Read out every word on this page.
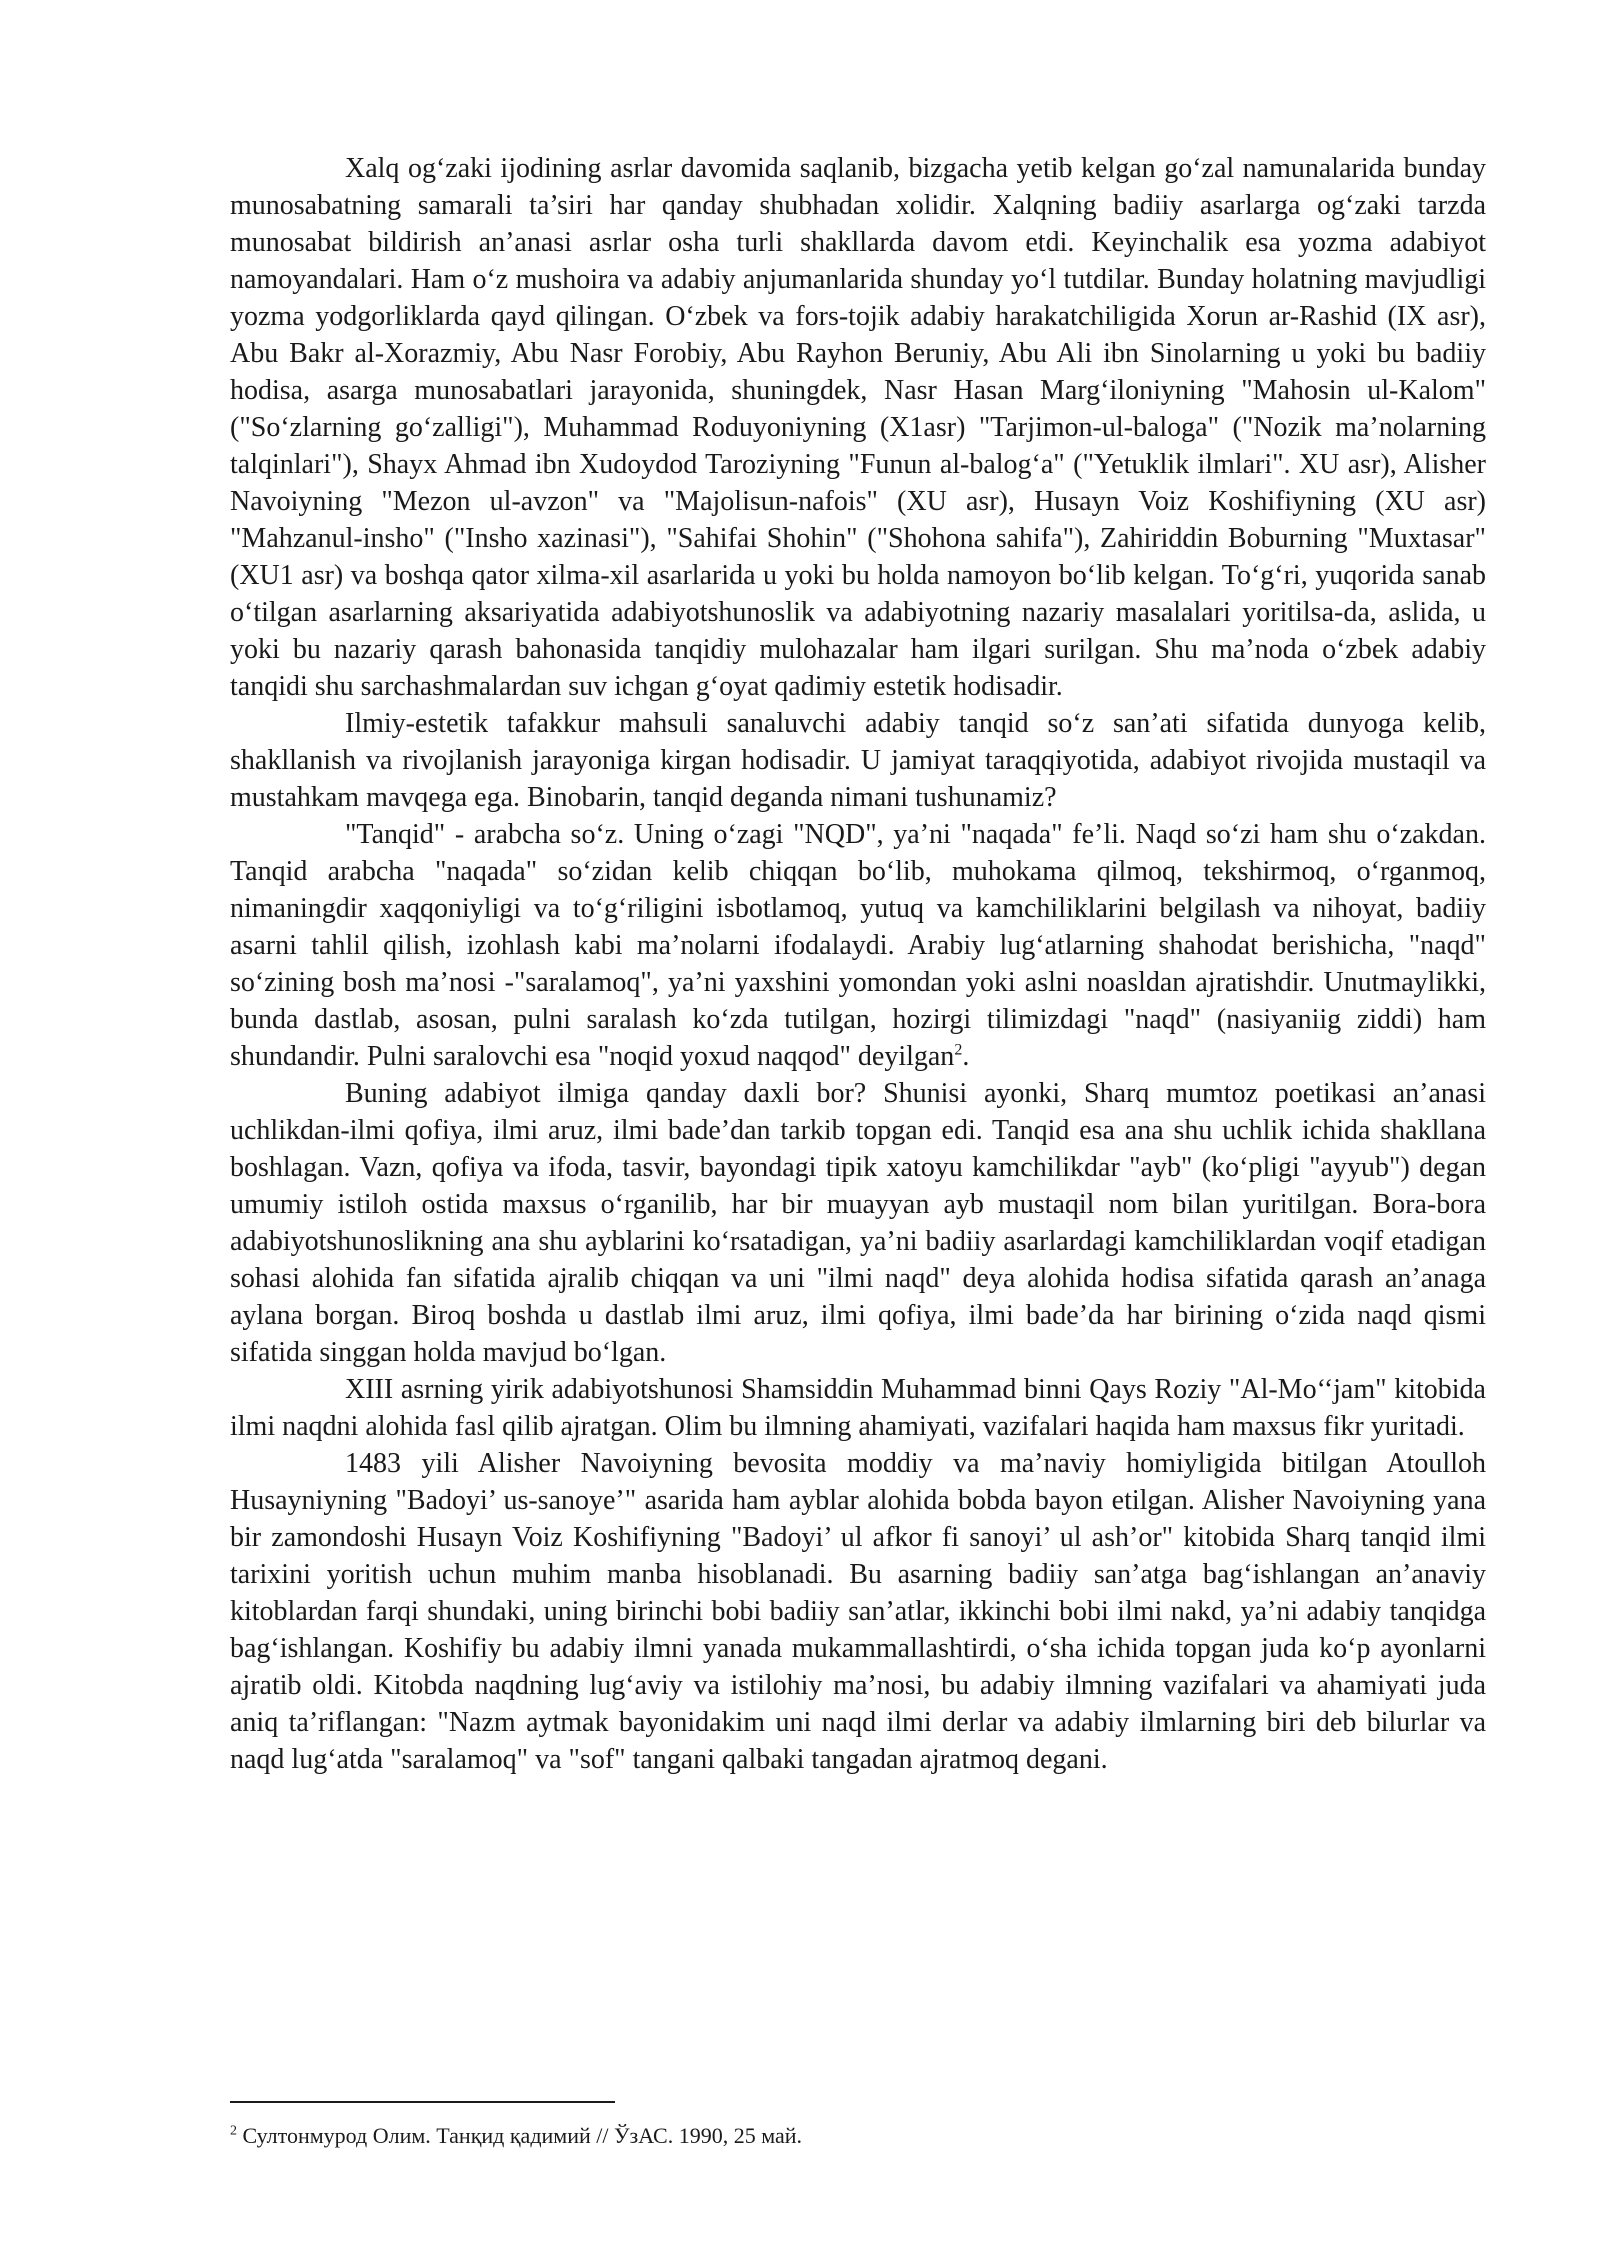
Xalq og‘zaki ijodining asrlar davomida saqlanib, bizgacha yetib kelgan go‘zal namunalarida bunday munosabatning samarali ta’siri har qanday shubhadan xolidir. Xalqning badiiy asarlarga og‘zaki tarzda munosabat bildirish an’anasi asrlar osha turli shakllarda davom etdi. Keyinchalik esa yozma adabiyot namoyandalari. Ham o‘z mushoira va adabiy anjumanlarida shunday yo‘l tutdilar. Bunday holatning mavjudligi yozma yodgorliklarda qayd qilingan. O‘zbek va fors-tojik adabiy harakatchiligida Xorun ar-Rashid (IX asr), Abu Bakr al-Xorazmiy, Abu Nasr Forobiy, Abu Rayhon Beruniy, Abu Ali ibn Sinolarning u yoki bu badiiy hodisa, asarga munosabatlari jarayonida, shuningdek, Nasr Hasan Marg‘iloniyning "Mahosin ul-Kalom" ("So‘zlarning go‘zalligi"), Muhammad Roduyoniyning (X1asr) "Tarjimon-ul-baloga" ("Nozik ma’nolarning talqinlari"), Shayx Ahmad ibn Xudoydod Taroziyning "Funun al-balog‘a" ("Yetuklik ilmlari". XU asr), Alisher Navoiyning "Mezon ul-avzon" va "Majolisun-nafois" (XU asr), Husayn Voiz Koshifiyning (XU asr) "Mahzanul-insho" ("Insho xazinasi"), "Sahifai Shohin" ("Shohona sahifa"), Zahiriddin Boburning "Muxtasar"(XU1 asr) va boshqa qator xilma-xil asarlarida u yoki bu holda namoyon bo‘lib kelgan. To‘g‘ri, yuqorida sanab o‘tilgan asarlarning aksariyatida adabiyotshunoslik va adabiyotning nazariy masalalari yoritilsa-da, aslida, u yoki bu nazariy qarash bahonasida tanqidiy mulohazalar ham ilgari surilgan. Shu ma’noda o‘zbek adabiy tanqidi shu sarchashmalardan suv ichgan g‘oyat qadimiy estetik hodisadir.

Ilmiy-estetik tafakkur mahsuli sanaluvchi adabiy tanqid so‘z san’ati sifatida dunyoga kelib, shakllanish va rivojlanish jarayoniga kirgan hodisadir. U jamiyat taraqqiyotida, adabiyot rivojida mustaqil va mustahkam mavqega ega. Binobarin, tanqid deganda nimani tushunamiz?

"Tanqid" - arabcha so‘z. Uning o‘zagi "NQD", ya’ni "naqada" fe’li. Naqd so‘zi ham shu o‘zakdan. Tanqid arabcha "naqada" so‘zidan kelib chiqqan bo‘lib, muhokama qilmoq, tekshirmoq, o‘rganmoq, nimaningdir xaqqoniyligi va to‘g‘riligini isbotlamoq, yutuq va kamchiliklarini belgilash va nihoyat, badiiy asarni tahlil qilish, izohlash kabi ma’nolarni ifodalaydi. Arabiy lug‘atlarning shahodat berishicha, "naqd" so‘zining bosh ma’nosi -"saralamoq", ya’ni yaxshini yomondan yoki aslni noasldan ajratishdir. Unutmaylikki, bunda dastlab, asosan, pulni saralash ko‘zda tutilgan, hozirgi tilimizdagi "naqd" (nasiyaniig ziddi) ham shundandir. Pulni saralovchi esa "noqid yoxud naqqod" deyilgan$^2$.

Buning adabiyot ilmiga qanday daxli bor? Shunisi ayonki, Sharq mumtoz poetikasi an’anasi uchlikdan-ilmi qofiya, ilmi aruz, ilmi bade’dan tarkib topgan edi. Tanqid esa ana shu uchlik ichida shakllana boshlagan. Vazn, qofiya va ifoda, tasvir, bayondagi tipik xatoyu kamchilikdar "ayb" (ko‘pligi "ayyub") degan umumiy istiloh ostida maxsus o‘rganilib, har bir muayyan ayb mustaqil nom bilan yuritilgan. Bora-bora adabiyotshunoslikning ana shu ayblarini ko‘rsatadigan, ya’ni badiiy asarlardagi kamchiliklardan voqif etadigan sohasi alohida fan sifatida ajralib chiqqan va uni "ilmi naqd" deya alohida hodisa sifatida qarash an’anaga aylana borgan. Biroq boshda u dastlab ilmi aruz, ilmi qofiya, ilmi bade’da har birining o‘zida naqd qismi sifatida singgan holda mavjud bo‘lgan.

XIII asrning yirik adabiyotshunosi Shamsiddin Muhammad binni Qays Roziy "Al-Mo‘‘jam" kitobida ilmi naqdni alohida fasl qilib ajratgan. Olim bu ilmning ahamiyati, vazifalari haqida ham maxsus fikr yuritadi.

1483 yili Alisher Navoiyning bevosita moddiy va ma’naviy homiyligida bitilgan Atoulloh Husayniyning "Badoyi’ us-sanoye’" asarida ham ayblar alohida bobda bayon etilgan. Alisher Navoiyning yana bir zamondoshi Husayn Voiz Koshifiyning "Badoyi’ ul afkor fi sanoyi’ ul ash’or" kitobida Sharq tanqid ilmi tarixini yoritish uchun muhim manba hisoblanadi. Bu asarning badiiy san’atga bag‘ishlangan an’anaviy kitoblardan farqi shundaki, uning birinchi bobi badiiy san’atlar, ikkinchi bobi ilmi nakd, ya’ni adabiy tanqidga bag‘ishlangan. Koshifiy bu adabiy ilmni yanada mukammallashtirdi, o‘sha ichida topgan juda ko‘p ayonlarni ajratib oldi. Kitobda naqdning lug‘aviy va istilohiy ma’nosi, bu adabiy ilmning vazifalari va ahamiyati juda aniq ta’riflangan: "Nazm aytmak bayonidakim uni naqd ilmi derlar va adabiy ilmlarning biri deb bilurlar va naqd lug‘atda "saralamoq" va "sof" tangani qalbaki tangadan ajratmoq degani.

$^2$ Султонмурод Олим. Танқид қадимий // ЎзАС. 1990, 25 май.
